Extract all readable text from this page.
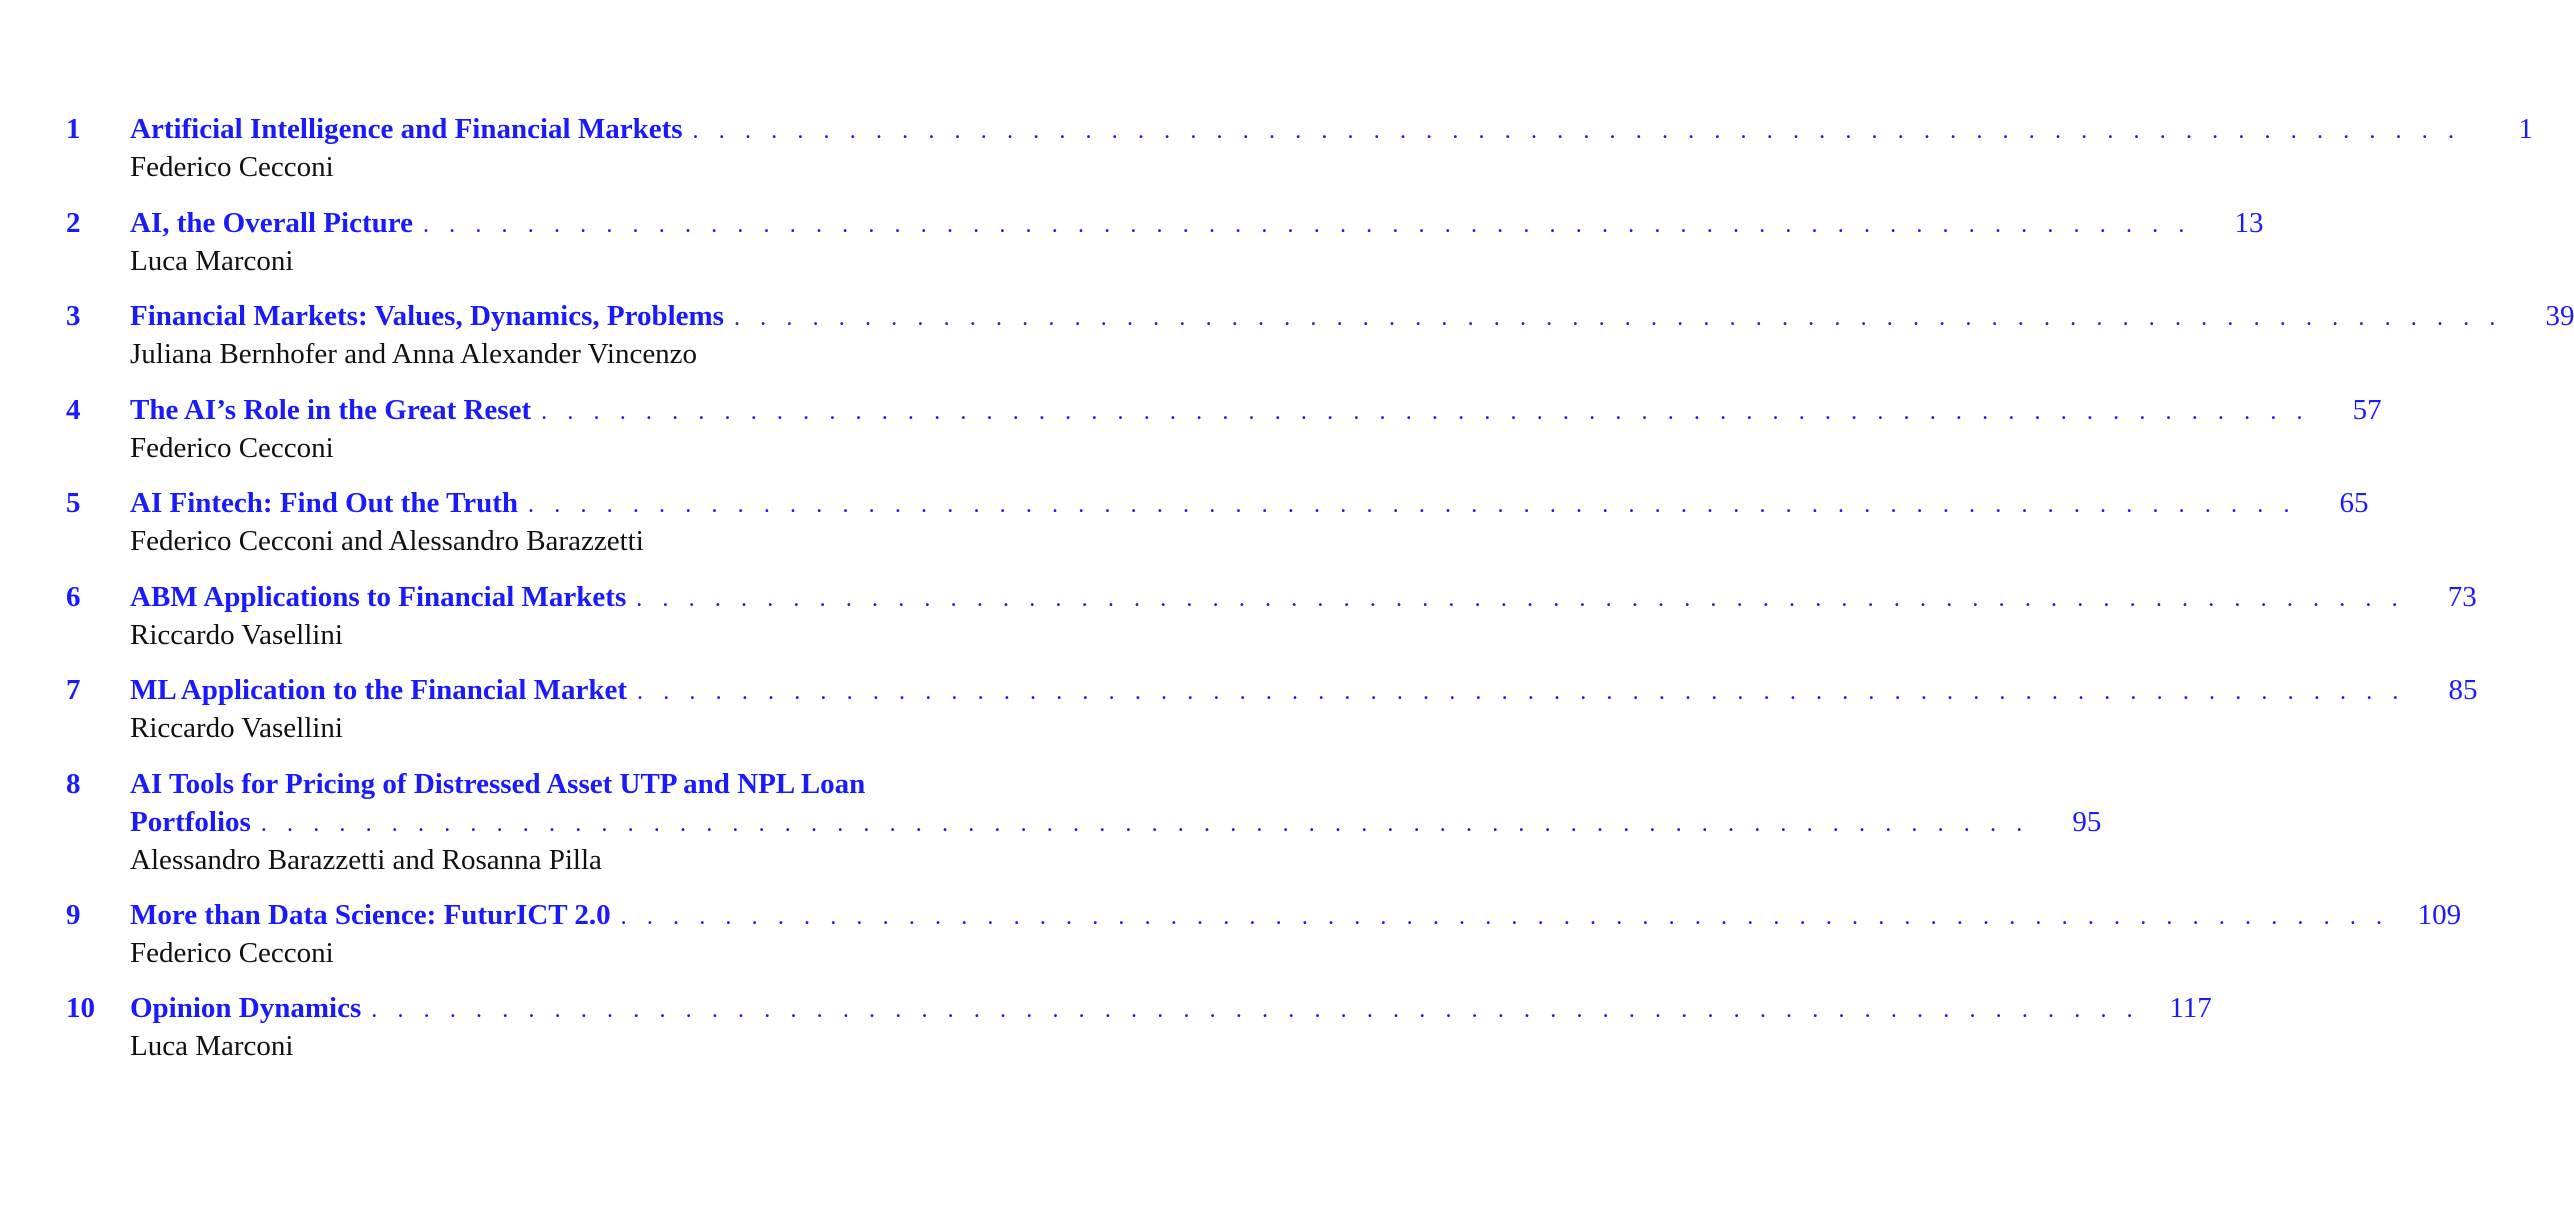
1 Artificial Intelligence and Financial Markets . . . . . . . . . . . . . . . . . . . . . . . . . . . . . . . . . . . . . . . . . . . . . . . . . . . . . . . . . . . . . . . . . . . .	1
Federico Cecconi
2 AI, the Overall Picture . . . . . . . . . . . . . . . . . . . . . . . . . . . . . . . . . . . . . . . . . . . . . . . . . . . . . . . . . . . . . . . . . . . .	13
Luca Marconi
3 Financial Markets: Values, Dynamics, Problems . . . . . . . . . . . . . . . . . . . . . . . . . . . . . . . . . . . . . . . . . . . . . . . . . . . . . . . . . . . . . . . . . . . .	39
Juliana Bernhofer and Anna Alexander Vincenzo
4 The AI’s Role in the Great Reset . . . . . . . . . . . . . . . . . . . . . . . . . . . . . . . . . . . . . . . . . . . . . . . . . . . . . . . . . . . . . . . . . . . .	57
Federico Cecconi
5 AI Fintech: Find Out the Truth . . . . . . . . . . . . . . . . . . . . . . . . . . . . . . . . . . . . . . . . . . . . . . . . . . . . . . . . . . . . . . . . . . . .	65
Federico Cecconi and Alessandro Barazzetti
6 ABM Applications to Financial Markets . . . . . . . . . . . . . . . . . . . . . . . . . . . . . . . . . . . . . . . . . . . . . . . . . . . . . . . . . . . . . . . . . . . .	73
Riccardo Vasellini
7 ML Application to the Financial Market . . . . . . . . . . . . . . . . . . . . . . . . . . . . . . . . . . . . . . . . . . . . . . . . . . . . . . . . . . . . . . . . . . . .	85
Riccardo Vasellini
8 AI Tools for Pricing of Distressed Asset UTP and NPL Loan
Portfolios . . . . . . . . . . . . . . . . . . . . . . . . . . . . . . . . . . . . . . . . . . . . . . . . . . . . . . . . . . . . . . . . . . . .	95
Alessandro Barazzetti and Rosanna Pilla
9 More than Data Science: FuturICT 2.0 . . . . . . . . . . . . . . . . . . . . . . . . . . . . . . . . . . . . . . . . . . . . . . . . . . . . . . . . . . . . . . . . . . . . 109
Federico Cecconi
10 Opinion Dynamics . . . . . . . . . . . . . . . . . . . . . . . . . . . . . . . . . . . . . . . . . . . . . . . . . . . . . . . . . . . . . . . . . . . .	117
Luca Marconi
